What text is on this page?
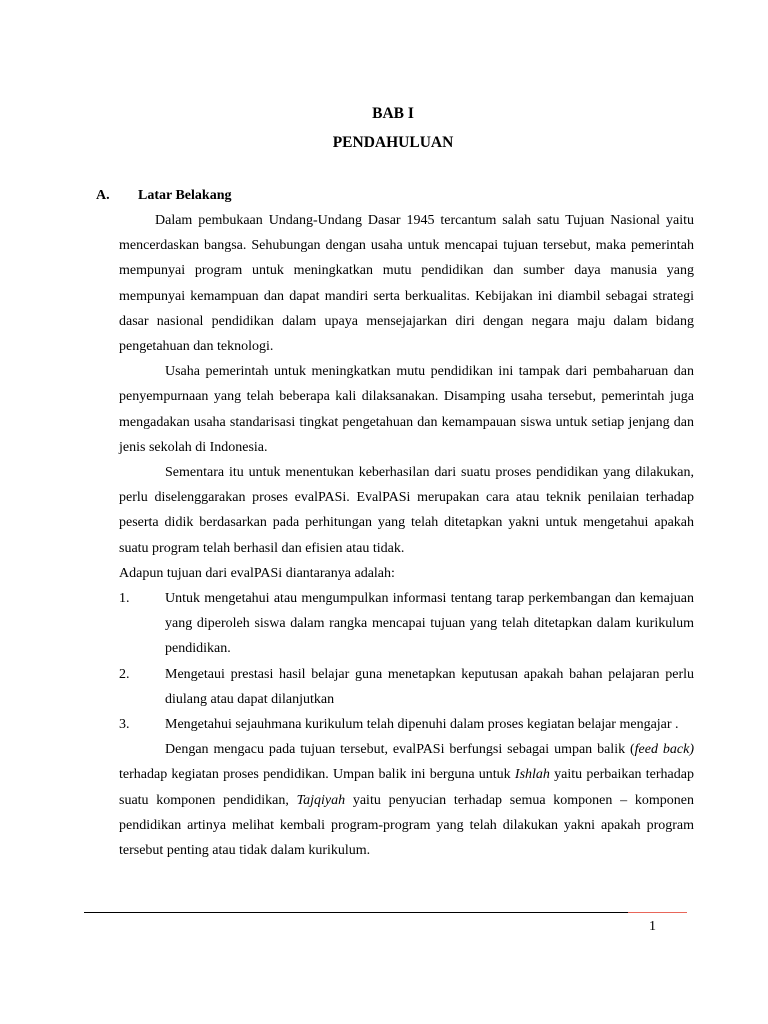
BAB I
PENDAHULUAN
A. Latar Belakang

Dalam pembukaan Undang-Undang Dasar 1945 tercantum salah satu Tujuan Nasional yaitu mencerdaskan bangsa. Sehubungan dengan usaha untuk mencapai tujuan tersebut, maka pemerintah mempunyai program untuk meningkatkan mutu pendidikan dan sumber daya manusia yang mempunyai kemampuan dan dapat mandiri serta berkualitas. Kebijakan ini diambil sebagai strategi dasar nasional pendidikan dalam upaya mensejajarkan diri dengan negara maju dalam bidang pengetahuan dan teknologi.

Usaha pemerintah untuk meningkatkan mutu pendidikan ini tampak dari pembaharuan dan penyempurnaan yang telah beberapa kali dilaksanakan. Disamping usaha tersebut, pemerintah juga mengadakan usaha standarisasi tingkat pengetahuan dan kemampauan siswa untuk setiap jenjang dan jenis sekolah di Indonesia.

Sementara itu untuk menentukan keberhasilan dari suatu proses pendidikan yang dilakukan, perlu diselenggarakan proses evalPASi. EvalPASi merupakan cara atau teknik penilaian terhadap peserta didik berdasarkan pada perhitungan yang telah ditetapkan yakni untuk mengetahui apakah suatu program telah berhasil dan efisien atau tidak.

Adapun tujuan dari evalPASi diantaranya adalah:

1.	Untuk mengetahui atau mengumpulkan informasi tentang tarap perkembangan dan kemajuan yang diperoleh siswa dalam rangka mencapai tujuan yang telah ditetapkan dalam kurikulum pendidikan.
2.	Mengetaui prestasi hasil belajar guna menetapkan keputusan apakah bahan pelajaran perlu diulang atau dapat dilanjutkan
3.	Mengetahui sejauhmana kurikulum telah dipenuhi dalam proses kegiatan belajar mengajar .

Dengan mengacu pada tujuan tersebut, evalPASi berfungsi sebagai umpan balik (feed back) terhadap kegiatan proses pendidikan. Umpan balik ini berguna untuk Ishlah yaitu perbaikan terhadap suatu komponen pendidikan, Tajqiyah yaitu penyucian terhadap semua komponen – komponen pendidikan artinya melihat kembali program-program yang telah dilakukan yakni apakah program tersebut penting atau tidak dalam kurikulum.

1
